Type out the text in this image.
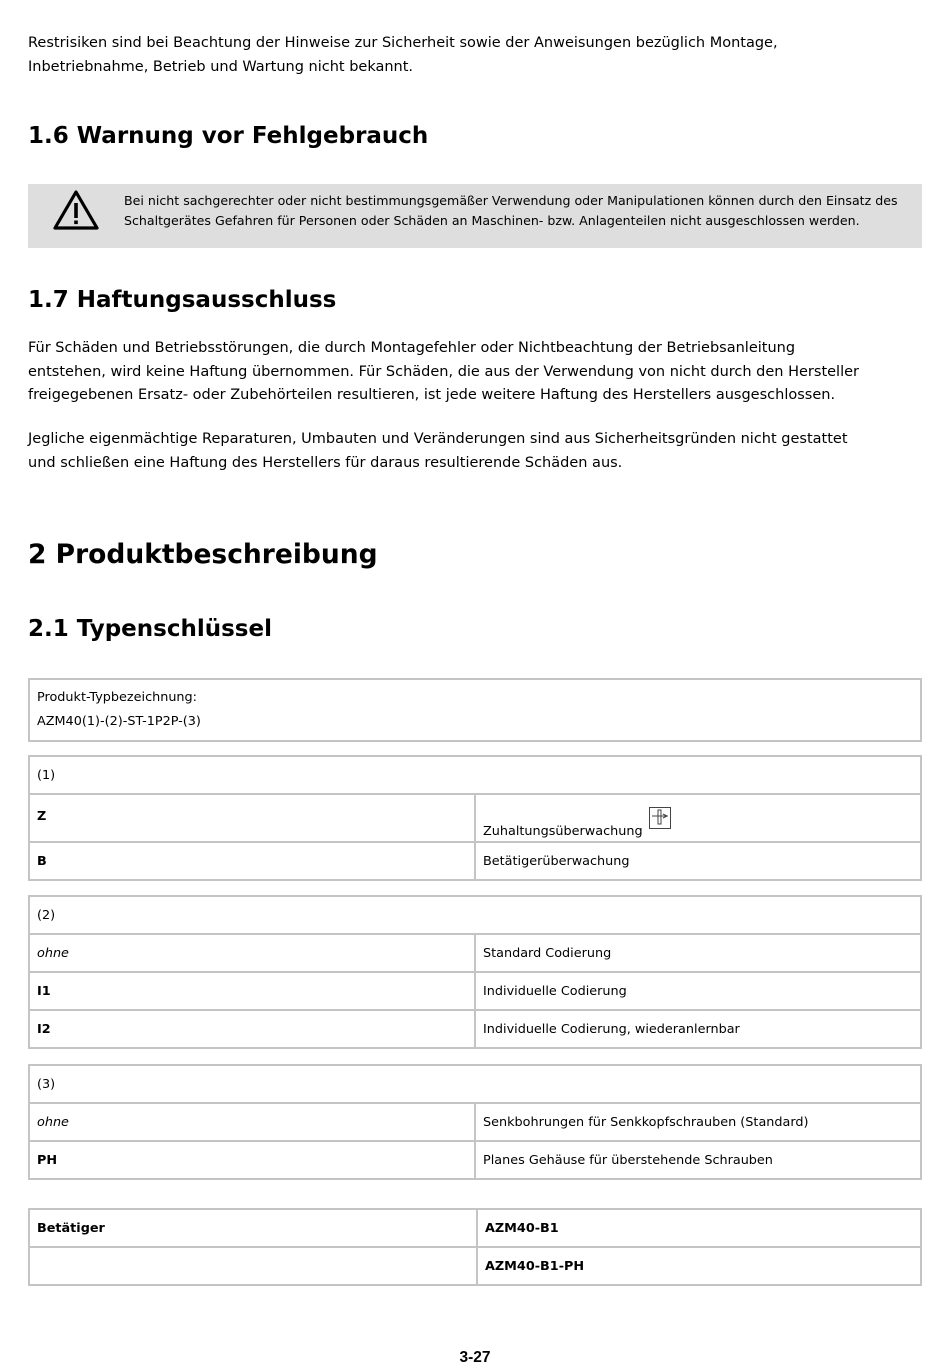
Restrisiken sind bei Beachtung der Hinweise zur Sicherheit sowie der Anweisungen bezüglich Montage,
Inbetriebnahme, Betrieb und Wartung nicht bekannt.

1.6 Warnung vor Fehlgebrauch
Bei nicht sachgerechter oder nicht bestimmungsgemäßer Verwendung oder Manipulationen können durch den Einsatz des
Schaltgerätes Gefahren für Personen oder Schäden an Maschinen- bzw. Anlagenteilen nicht ausgeschlossen werden.
1.7 Haftungsausschluss

Für Schäden und Betriebsstörungen, die durch Montagefehler oder Nichtbeachtung der Betriebsanleitung
entstehen, wird keine Haftung übernommen. Für Schäden, die aus der Verwendung von nicht durch den Hersteller
freigegebenen Ersatz- oder Zubehörteilen resultieren, ist jede weitere Haftung des Herstellers ausgeschlossen.

Jegliche eigenmächtige Reparaturen, Umbauten und Veränderungen sind aus Sicherheitsgründen nicht gestattet
und schließen eine Haftung des Herstellers für daraus resultierende Schäden aus.

2 Produktbeschreibung
2.1 Typenschlüssel
Produkt-Typbezeichnung:
AZM40(1)-(2)-ST-1P2P-(3)
(1)	
Z	Zuhaltungsüberwachung
B	Betätigerüberwachung
(2)	
ohne	Standard Codierung
I1	Individuelle Codierung
I2	Individuelle Codierung, wiederanlernbar
(3)	
ohne	Senkbohrungen für Senkkopfschrauben (Standard)
PH	Planes Gehäuse für überstehende Schrauben
Betätiger	AZM40-B1
	AZM40-B1-PH
3-27
